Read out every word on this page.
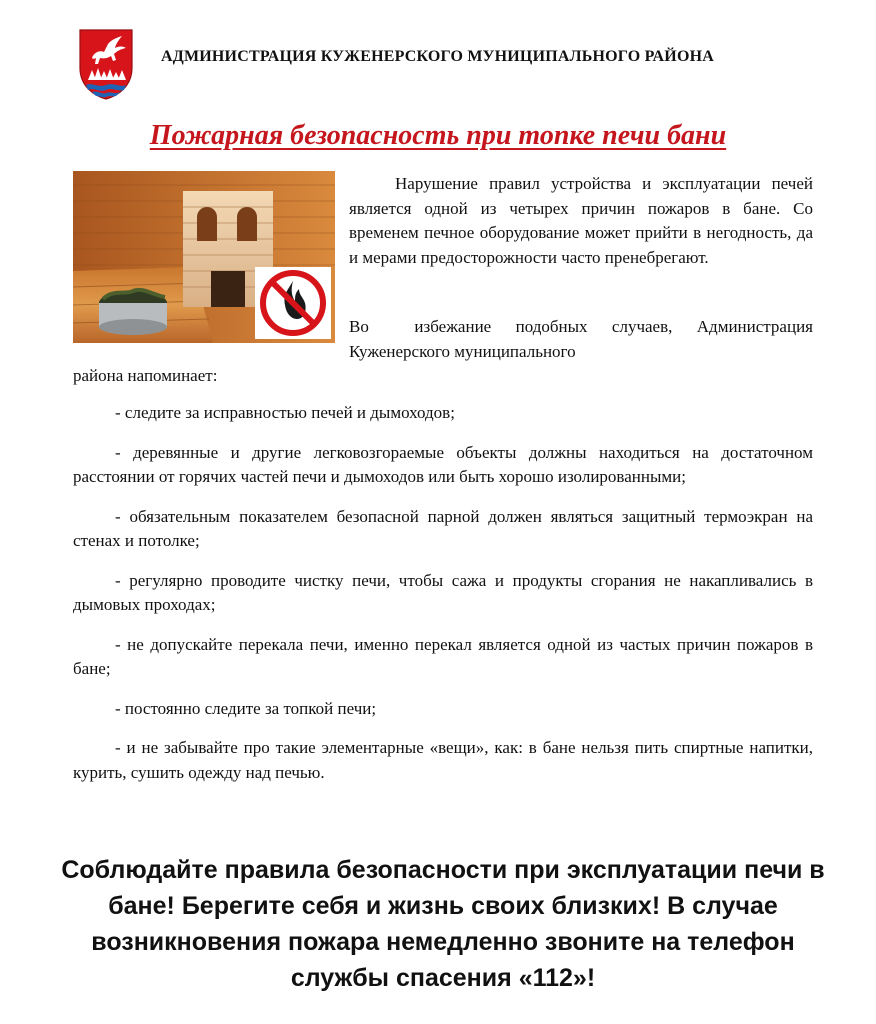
АДМИНИСТРАЦИЯ КУЖЕНЕРСКОГО МУНИЦИПАЛЬНОГО РАЙОНА
Пожарная безопасность при топке печи бани

Нарушение правил устройства и эксплуатации печей является одной из четырех причин пожаров в бане. Со временем печное оборудование может прийти в негодность, да и мерами предосторожности часто пренебрегают.

Во	избежание подобных случаев, Администрация Куженерского муниципального
района напоминает:

- следите за исправностью печей и дымоходов;

- деревянные и другие легковозгораемые объекты должны находиться на достаточном расстоянии от горячих частей печи и дымоходов или быть хорошо изолированными;

- обязательным показателем безопасной парной должен являться защитный термоэкран на стенах и потолке;

- регулярно проводите чистку печи, чтобы сажа и продукты сгорания не накапливались в дымовых проходах;

- не допускайте перекала печи, именно перекал является одной из частых причин пожаров в бане;

- постоянно следите за топкой печи;

- и не забывайте про такие элементарные «вещи», как: в бане нельзя пить спиртные напитки, курить, сушить одежду над печью.

Соблюдайте правила безопасности при эксплуатации печи в бане! Берегите себя и жизнь своих близких! В случае возникновения пожара немедленно звоните на телефон службы спасения «112»!
